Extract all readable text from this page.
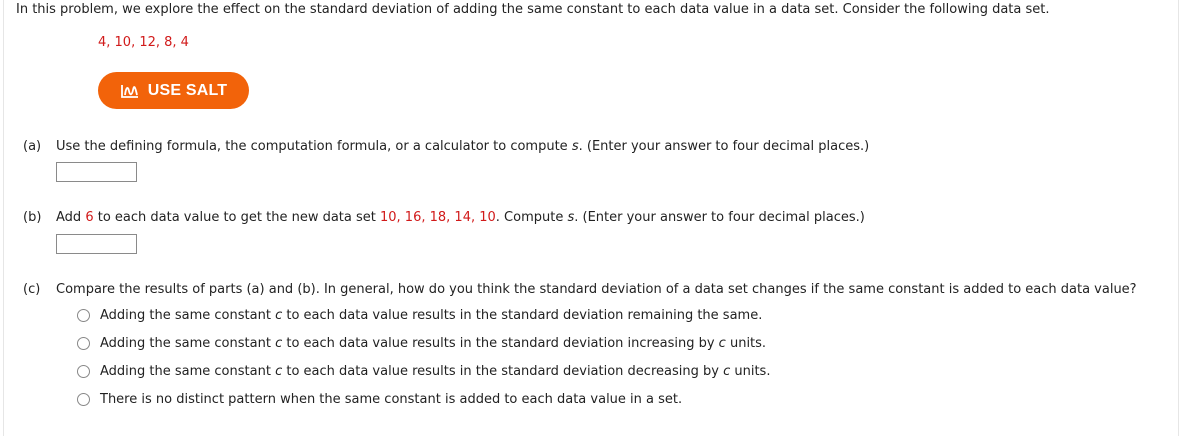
In this problem, we explore the effect on the standard deviation of adding the same constant to each data value in a data set. Consider the following data set.
4, 10, 12, 8, 4
USE SALT
(a) Use the defining formula, the computation formula, or a calculator to compute s. (Enter your answer to four decimal places.)
(b) Add 6 to each data value to get the new data set 10, 16, 18, 14, 10. Compute s. (Enter your answer to four decimal places.)
(c) Compare the results of parts (a) and (b). In general, how do you think the standard deviation of a data set changes if the same constant is added to each data value?
Adding the same constant c to each data value results in the standard deviation remaining the same.
Adding the same constant c to each data value results in the standard deviation increasing by c units.
Adding the same constant c to each data value results in the standard deviation decreasing by c units.
There is no distinct pattern when the same constant is added to each data value in a set.
